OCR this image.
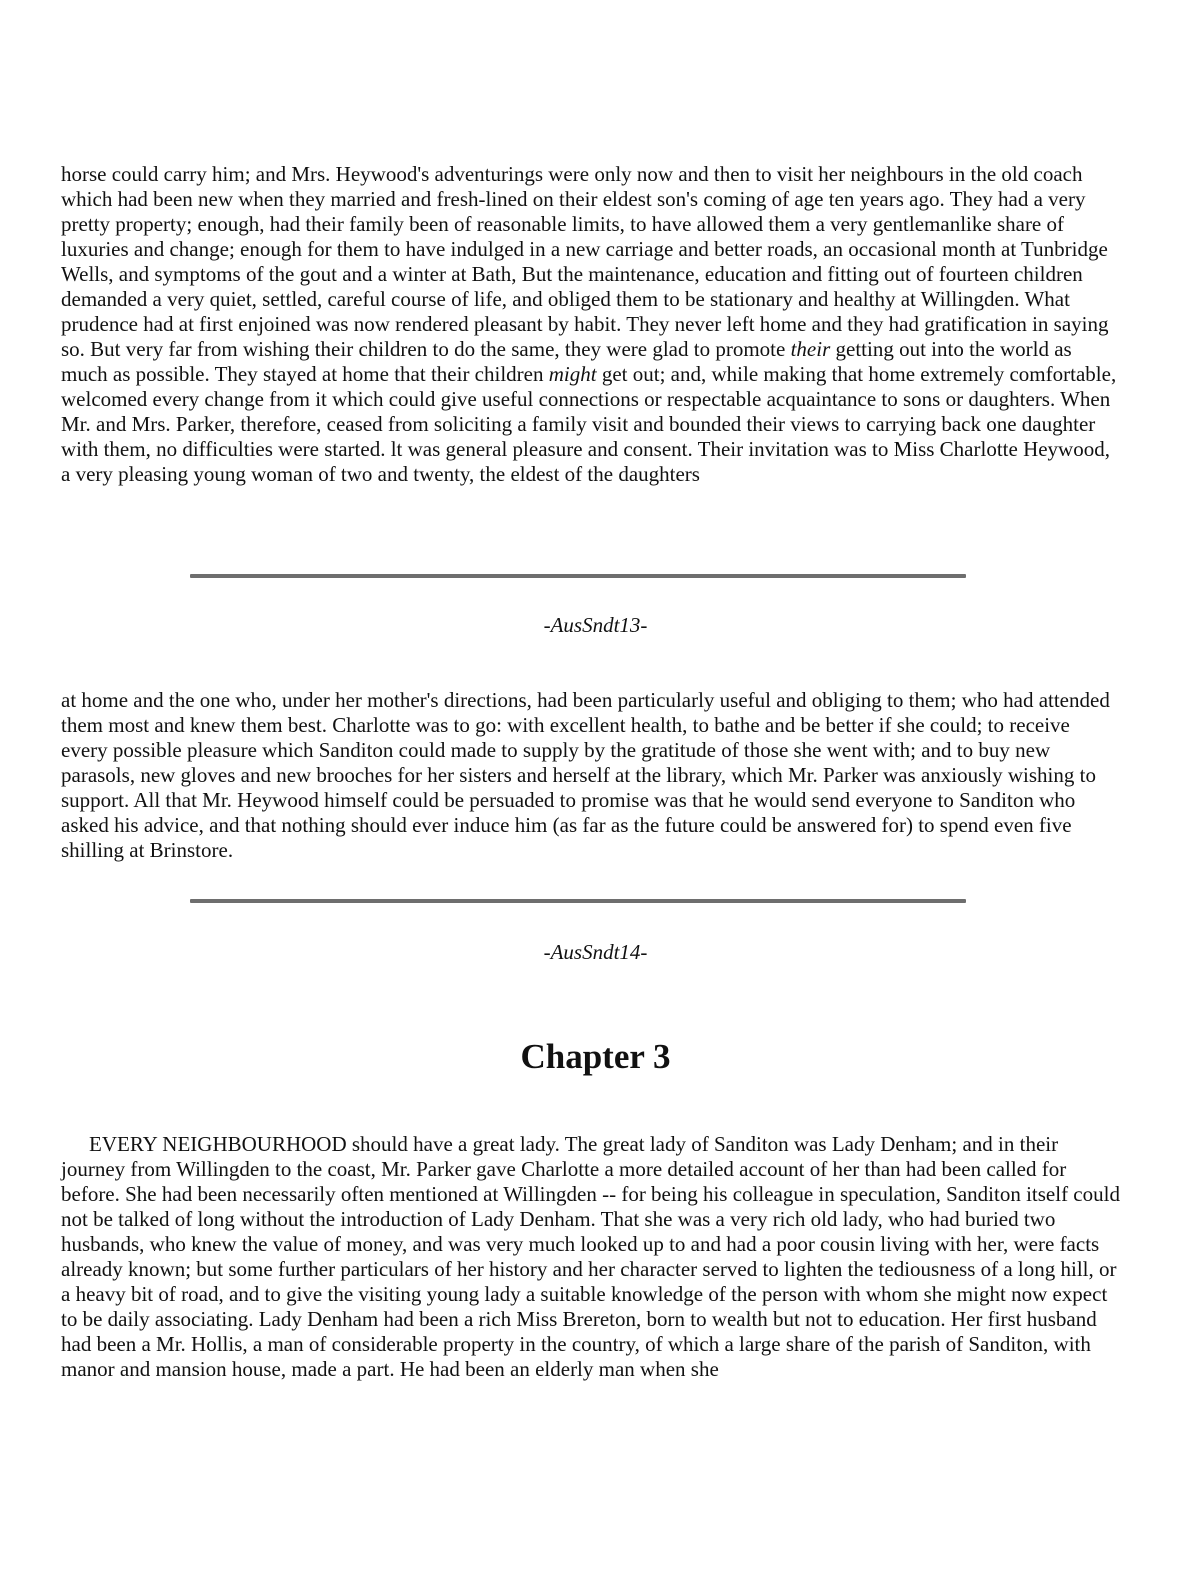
horse could carry him; and Mrs. Heywood's adventurings were only now and then to visit her neighbours in the old coach which had been new when they married and fresh-lined on their eldest son's coming of age ten years ago. They had a very pretty property; enough, had their family been of reasonable limits, to have allowed them a very gentlemanlike share of luxuries and change; enough for them to have indulged in a new carriage and better roads, an occasional month at Tunbridge Wells, and symptoms of the gout and a winter at Bath, But the maintenance, education and fitting out of fourteen children demanded a very quiet, settled, careful course of life, and obliged them to be stationary and healthy at Willingden. What prudence had at first enjoined was now rendered pleasant by habit. They never left home and they had gratification in saying so. But very far from wishing their children to do the same, they were glad to promote their getting out into the world as much as possible. They stayed at home that their children might get out; and, while making that home extremely comfortable, welcomed every change from it which could give useful connections or respectable acquaintance to sons or daughters. When Mr. and Mrs. Parker, therefore, ceased from soliciting a family visit and bounded their views to carrying back one daughter with them, no difficulties were started. lt was general pleasure and consent. Their invitation was to Miss Charlotte Heywood, a very pleasing young woman of two and twenty, the eldest of the daughters

-AusSndt13-

at home and the one who, under her mother's directions, had been particularly useful and obliging to them; who had attended them most and knew them best. Charlotte was to go: with excellent health, to bathe and be better if she could; to receive every possible pleasure which Sanditon could made to supply by the gratitude of those she went with; and to buy new parasols, new gloves and new brooches for her sisters and herself at the library, which Mr. Parker was anxiously wishing to support. All that Mr. Heywood himself could be persuaded to promise was that he would send everyone to Sanditon who asked his advice, and that nothing should ever induce him (as far as the future could be answered for) to spend even five shilling at Brinstore.

-AusSndt14-

Chapter 3

EVERY NEIGHBOURHOOD should have a great lady. The great lady of Sanditon was Lady Denham; and in their journey from Willingden to the coast, Mr. Parker gave Charlotte a more detailed account of her than had been called for before. She had been necessarily often mentioned at Willingden -- for being his colleague in speculation, Sanditon itself could not be talked of long without the introduction of Lady Denham. That she was a very rich old lady, who had buried two husbands, who knew the value of money, and was very much looked up to and had a poor cousin living with her, were facts already known; but some further particulars of her history and her character served to lighten the tediousness of a long hill, or a heavy bit of road, and to give the visiting young lady a suitable knowledge of the person with whom she might now expect to be daily associating. Lady Denham had been a rich Miss Brereton, born to wealth but not to education. Her first husband had been a Mr. Hollis, a man of considerable property in the country, of which a large share of the parish of Sanditon, with manor and mansion house, made a part. He had been an elderly man when she
